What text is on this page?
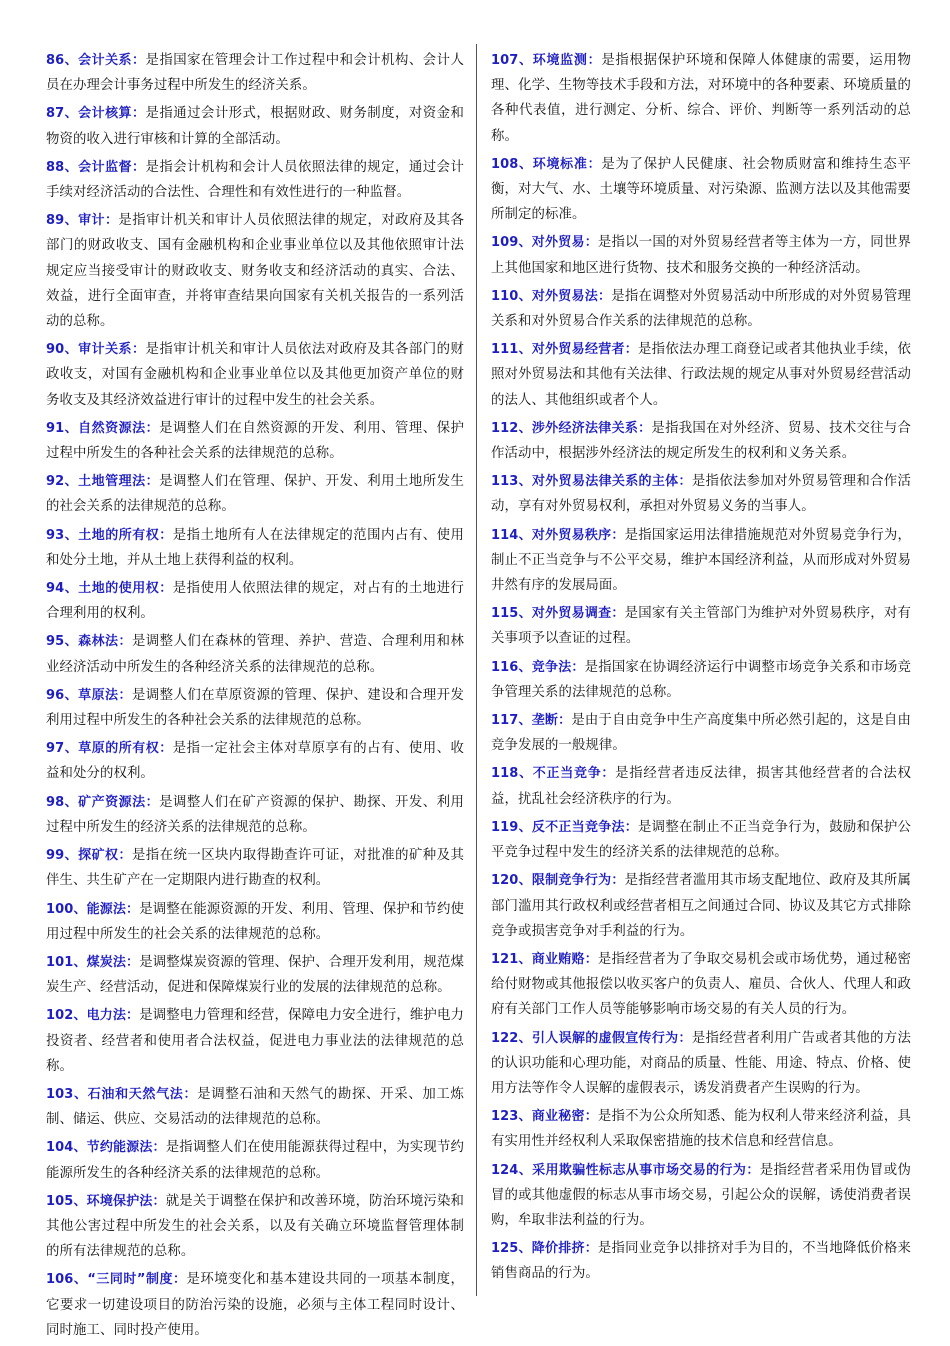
86、会计关系：是指国家在管理会计工作过程中和会计机构、会计人员在办理会计事务过程中所发生的经济关系。

87、会计核算：是指通过会计形式，根据财政、财务制度，对资金和物资的收入进行审核和计算的全部活动。

88、会计监督：是指会计机构和会计人员依照法律的规定，通过会计手续对经济活动的合法性、合理性和有效性进行的一种监督。

89、审计：是指审计机关和审计人员依照法律的规定，对政府及其各部门的财政收支、国有金融机构和企业事业单位以及其他依照审计法规定应当接受审计的财政收支、财务收支和经济活动的真实、合法、效益，进行全面审查，并将审查结果向国家有关机关报告的一系列活动的总称。

90、审计关系：是指审计机关和审计人员依法对政府及其各部门的财政收支，对国有金融机构和企业事业单位以及其他更加资产单位的财务收支及其经济效益进行审计的过程中发生的社会关系。

91、自然资源法：是调整人们在自然资源的开发、利用、管理、保护过程中所发生的各种社会关系的法律规范的总称。

92、土地管理法：是调整人们在管理、保护、开发、利用土地所发生的社会关系的法律规范的总称。

93、土地的所有权：是指土地所有人在法律规定的范围内占有、使用和处分土地，并从土地上获得利益的权利。

94、土地的使用权：是指使用人依照法律的规定，对占有的土地进行合理利用的权利。

95、森林法：是调整人们在森林的管理、养护、营造、合理利用和林业经济活动中所发生的各种经济关系的法律规范的总称。

96、草原法：是调整人们在草原资源的管理、保护、建设和合理开发利用过程中所发生的各种社会关系的法律规范的总称。

97、草原的所有权：是指一定社会主体对草原享有的占有、使用、收益和处分的权利。

98、矿产资源法：是调整人们在矿产资源的保护、勘探、开发、利用过程中所发生的经济关系的法律规范的总称。

99、探矿权：是指在统一区块内取得勘查许可证，对批准的矿种及其伴生、共生矿产在一定期限内进行勘查的权利。

100、能源法：是调整在能源资源的开发、利用、管理、保护和节约使用过程中所发生的社会关系的法律规范的总称。

101、煤炭法：是调整煤炭资源的管理、保护、合理开发利用，规范煤炭生产、经营活动，促进和保障煤炭行业的发展的法律规范的总称。

102、电力法：是调整电力管理和经营，保障电力安全进行，维护电力投资者、经营者和使用者合法权益，促进电力事业法的法律规范的总称。

103、石油和天然气法：是调整石油和天然气的勘探、开采、加工炼制、储运、供应、交易活动的法律规范的总称。

104、节约能源法：是指调整人们在使用能源获得过程中，为实现节约能源所发生的各种经济关系的法律规范的总称。

105、环境保护法：就是关于调整在保护和改善环境，防治环境污染和其他公害过程中所发生的社会关系，以及有关确立环境监督管理体制的所有法律规范的总称。

106、“三同时”制度：是环境变化和基本建设共同的一项基本制度，它要求一切建设项目的防治污染的设施，必须与主体工程同时设计、同时施工、同时投产使用。

107、环境监测：是指根据保护环境和保障人体健康的需要，运用物理、化学、生物等技术手段和方法，对环境中的各种要素、环境质量的各种代表值，进行测定、分析、综合、评价、判断等一系列活动的总称。

108、环境标准：是为了保护人民健康、社会物质财富和维持生态平衡，对大气、水、土壤等环境质量、对污染源、监测方法以及其他需要所制定的标准。

109、对外贸易：是指以一国的对外贸易经营者等主体为一方，同世界上其他国家和地区进行货物、技术和服务交换的一种经济活动。

110、对外贸易法：是指在调整对外贸易活动中所形成的对外贸易管理关系和对外贸易合作关系的法律规范的总称。

111、对外贸易经营者：是指依法办理工商登记或者其他执业手续，依照对外贸易法和其他有关法律、行政法规的规定从事对外贸易经营活动的法人、其他组织或者个人。

112、涉外经济法律关系：是指我国在对外经济、贸易、技术交往与合作活动中，根据涉外经济法的规定所发生的权利和义务关系。

113、对外贸易法律关系的主体：是指依法参加对外贸易管理和合作活动，享有对外贸易权利，承担对外贸易义务的当事人。

114、对外贸易秩序：是指国家运用法律措施规范对外贸易竞争行为，制止不正当竞争与不公平交易，维护本国经济利益，从而形成对外贸易井然有序的发展局面。

115、对外贸易调查：是国家有关主管部门为维护对外贸易秩序，对有关事项予以查证的过程。

116、竞争法：是指国家在协调经济运行中调整市场竞争关系和市场竞争管理关系的法律规范的总称。

117、垄断：是由于自由竞争中生产高度集中所必然引起的，这是自由竞争发展的一般规律。

118、不正当竞争：是指经营者违反法律，损害其他经营者的合法权益，扰乱社会经济秩序的行为。

119、反不正当竞争法：是调整在制止不正当竞争行为，鼓励和保护公平竞争过程中发生的经济关系的法律规范的总称。

120、限制竞争行为：是指经营者滥用其市场支配地位、政府及其所属部门滥用其行政权利或经营者相互之间通过合同、协议及其它方式排除竞争或损害竞争对手利益的行为。

121、商业贿赂：是指经营者为了争取交易机会或市场优势，通过秘密给付财物或其他报偿以收买客户的负责人、雇员、合伙人、代理人和政府有关部门工作人员等能够影响市场交易的有关人员的行为。

122、引人误解的虚假宣传行为：是指经营者利用广告或者其他的方法的认识功能和心理功能，对商品的质量、性能、用途、特点、价格、使用方法等作令人误解的虚假表示，诱发消费者产生误购的行为。

123、商业秘密：是指不为公众所知悉、能为权利人带来经济利益，具有实用性并经权利人采取保密措施的技术信息和经营信息。

124、采用欺骗性标志从事市场交易的行为：是指经营者采用伪冒或伪冒的或其他虚假的标志从事市场交易，引起公众的误解，诱使消费者误购，牟取非法利益的行为。

125、降价排挤：是指同业竞争以排挤对手为目的，不当地降低价格来销售商品的行为。
